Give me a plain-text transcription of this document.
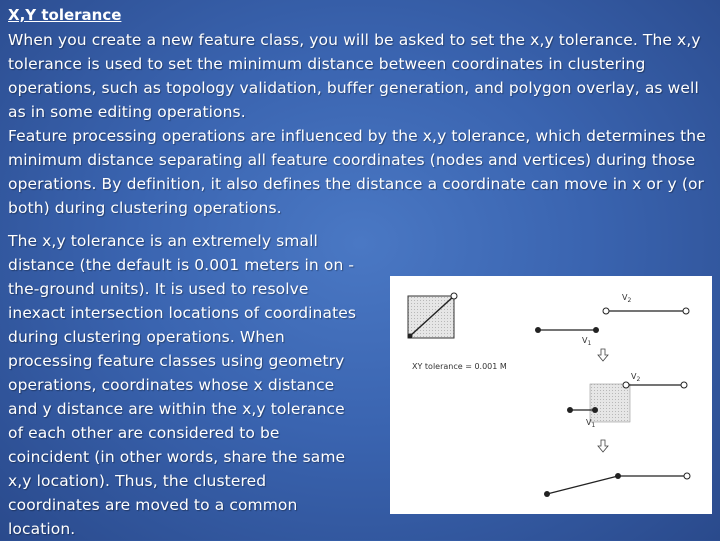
X,Y tolerance

When you create a new feature class, you will be asked to set the x,y tolerance. The x,y tolerance is used to set the minimum distance between coordinates in clustering operations, such as topology validation, buffer generation, and polygon overlay, as well as in some editing operations.

Feature processing operations are influenced by the x,y tolerance, which determines the minimum distance separating all feature coordinates (nodes and vertices) during those operations. By definition, it also defines the distance a coordinate can move in x or y (or both) during clustering operations.

The x,y tolerance is an extremely small distance (the default is 0.001 meters in on -the-ground units). It is used to resolve inexact intersection locations of coordinates during clustering operations. When processing feature classes using geometry operations, coordinates whose x distance and y distance are within the x,y tolerance of each other are considered to be coincident (in other words, share the same x,y location). Thus, the clustered coordinates are moved to a common location.

XY tolerance = 0.001 M
$V_2$
$V_1$
$V_2$
$V_1$
